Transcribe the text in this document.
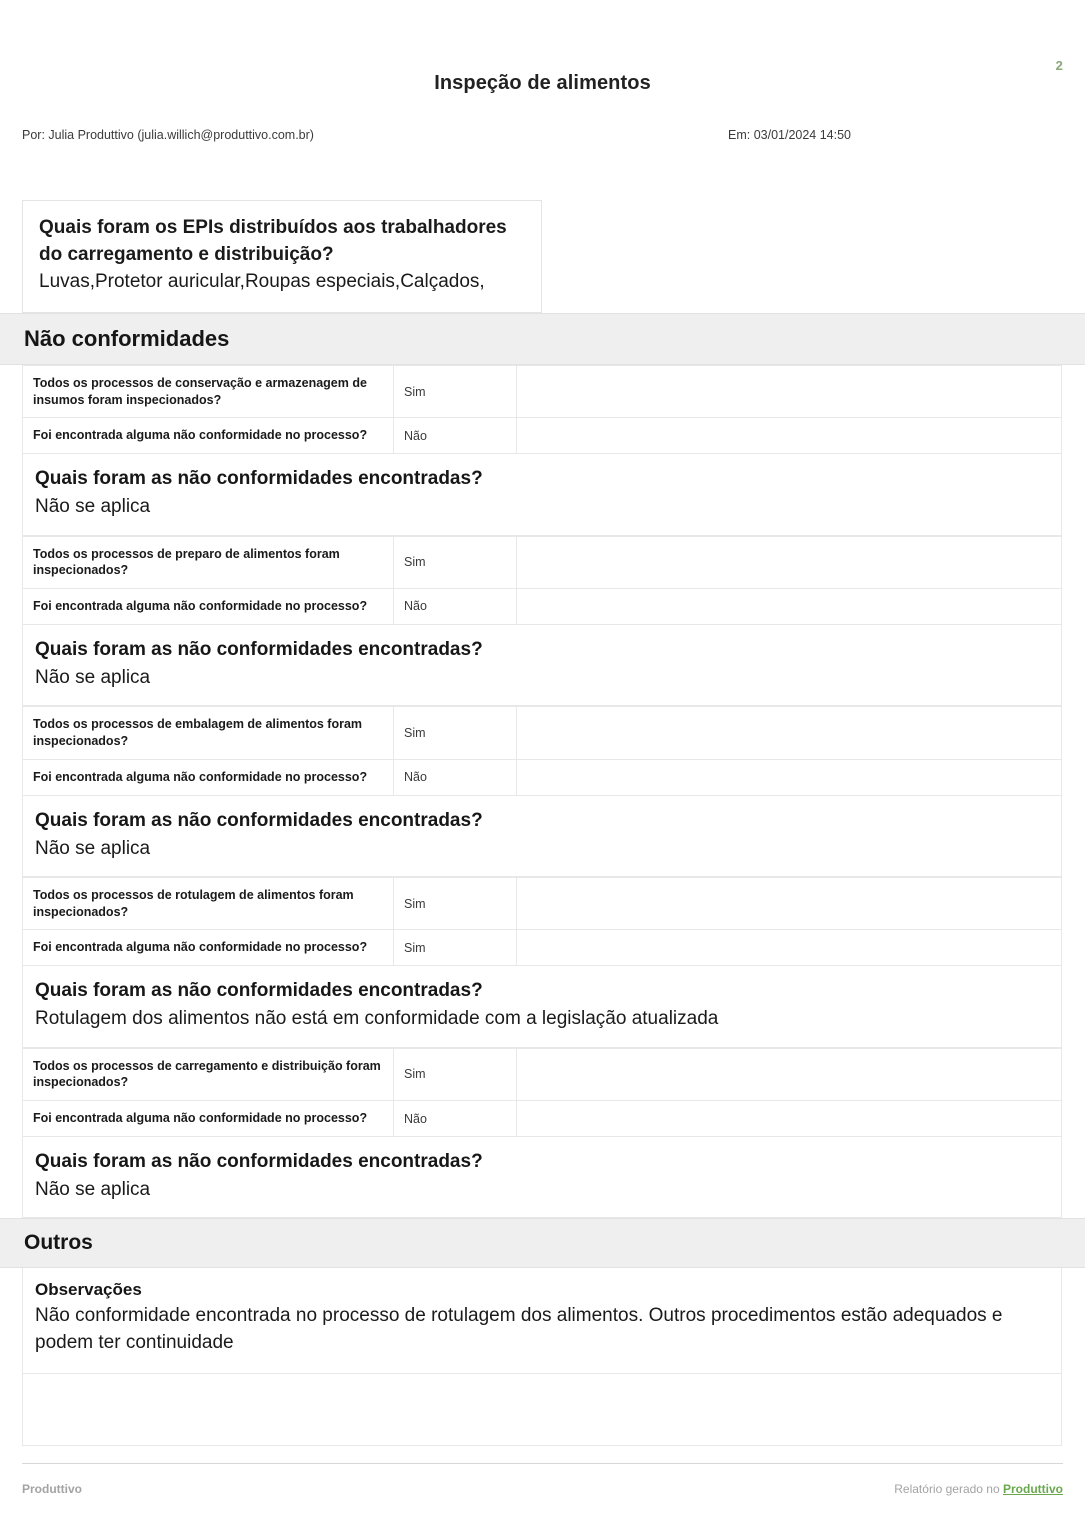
2
Inspeção de alimentos
Por: Julia Produttivo (julia.willich@produttivo.com.br)	Em: 03/01/2024 14:50
Quais foram os EPIs distribuídos aos trabalhadores do carregamento e distribuição?
Luvas,Protetor auricular,Roupas especiais,Calçados,
Não conformidades
Todos os processos de conservação e armazenagem de insumos foram inspecionados?	Sim	
Foi encontrada alguma não conformidade no processo?	Não	
Quais foram as não conformidades encontradas?
Não se aplica
Todos os processos de preparo de alimentos foram inspecionados?	Sim	
Foi encontrada alguma não conformidade no processo?	Não	
Quais foram as não conformidades encontradas?
Não se aplica
Todos os processos de embalagem de alimentos foram inspecionados?	Sim	
Foi encontrada alguma não conformidade no processo?	Não	
Quais foram as não conformidades encontradas?
Não se aplica
Todos os processos de rotulagem de alimentos foram inspecionados?	Sim	
Foi encontrada alguma não conformidade no processo?	Sim	
Quais foram as não conformidades encontradas?
Rotulagem dos alimentos não está em conformidade com a legislação atualizada
Todos os processos de carregamento e distribuição foram inspecionados?	Sim	
Foi encontrada alguma não conformidade no processo?	Não	
Quais foram as não conformidades encontradas?
Não se aplica
Outros
Observações
Não conformidade encontrada no processo de rotulagem dos alimentos. Outros procedimentos estão adequados e podem ter continuidade
Produttivo	Relatório gerado no Produttivo
